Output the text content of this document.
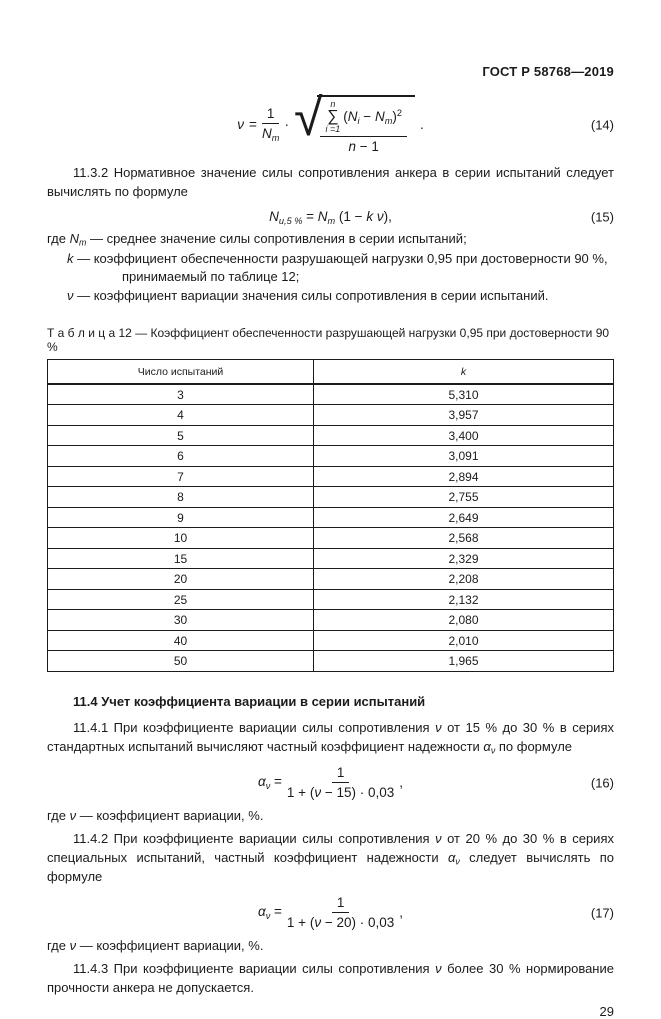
ГОСТ Р 58768—2019
$\nu = \frac{1}{N_m}$ · √ n
∑
i =1
$(N_i - N_m)^2$
n − 1
.	(14)
11.3.2 Нормативное значение силы сопротивления анкера в серии испытаний следует вычислять по формуле
$N_{u,5 \%} = N_m$ (1 − k ν),	(15)
где $N_m$ — среднее значение силы сопротивления в серии испытаний;
k — коэффициент обеспеченности разрушающей нагрузки 0,95 при достоверности 90 %, принимаемый по таблице 12;
ν — коэффициент вариации значения силы сопротивления в серии испытаний.
Т а б л и ц а 12 — Коэффициент обеспеченности разрушающей нагрузки 0,95 при достоверности 90 %
Число испытаний	k
3	5,310
4	3,957
5	3,400
6	3,091
7	2,894
8	2,755
9	2,649
10	2,568
15	2,329
20	2,208
25	2,132
30	2,080
40	2,010
50	1,965
11.4 Учет коэффициента вариации в серии испытаний
11.4.1 При коэффициенте вариации силы сопротивления ν от 15 % до 30 % в сериях стандартных испытаний вычисляют частный коэффициент надежности $\alpha_\nu$ по формуле
$\alpha_\nu = \frac{1}{1 + (\nu - 15) \cdot 0,03}$ ,	(16)
где ν — коэффициент вариации, %.
11.4.2 При коэффициенте вариации силы сопротивления ν от 20 % до 30 % в сериях специальных испытаний, частный коэффициент надежности $\alpha_\nu$ следует вычислять по формуле
$\alpha_\nu = \frac{1}{1 + (\nu - 20) \cdot 0,03}$ ,	(17)
где ν — коэффициент вариации, %.
11.4.3 При коэффициенте вариации силы сопротивления ν более 30 % нормирование прочности анкера не допускается.
29
